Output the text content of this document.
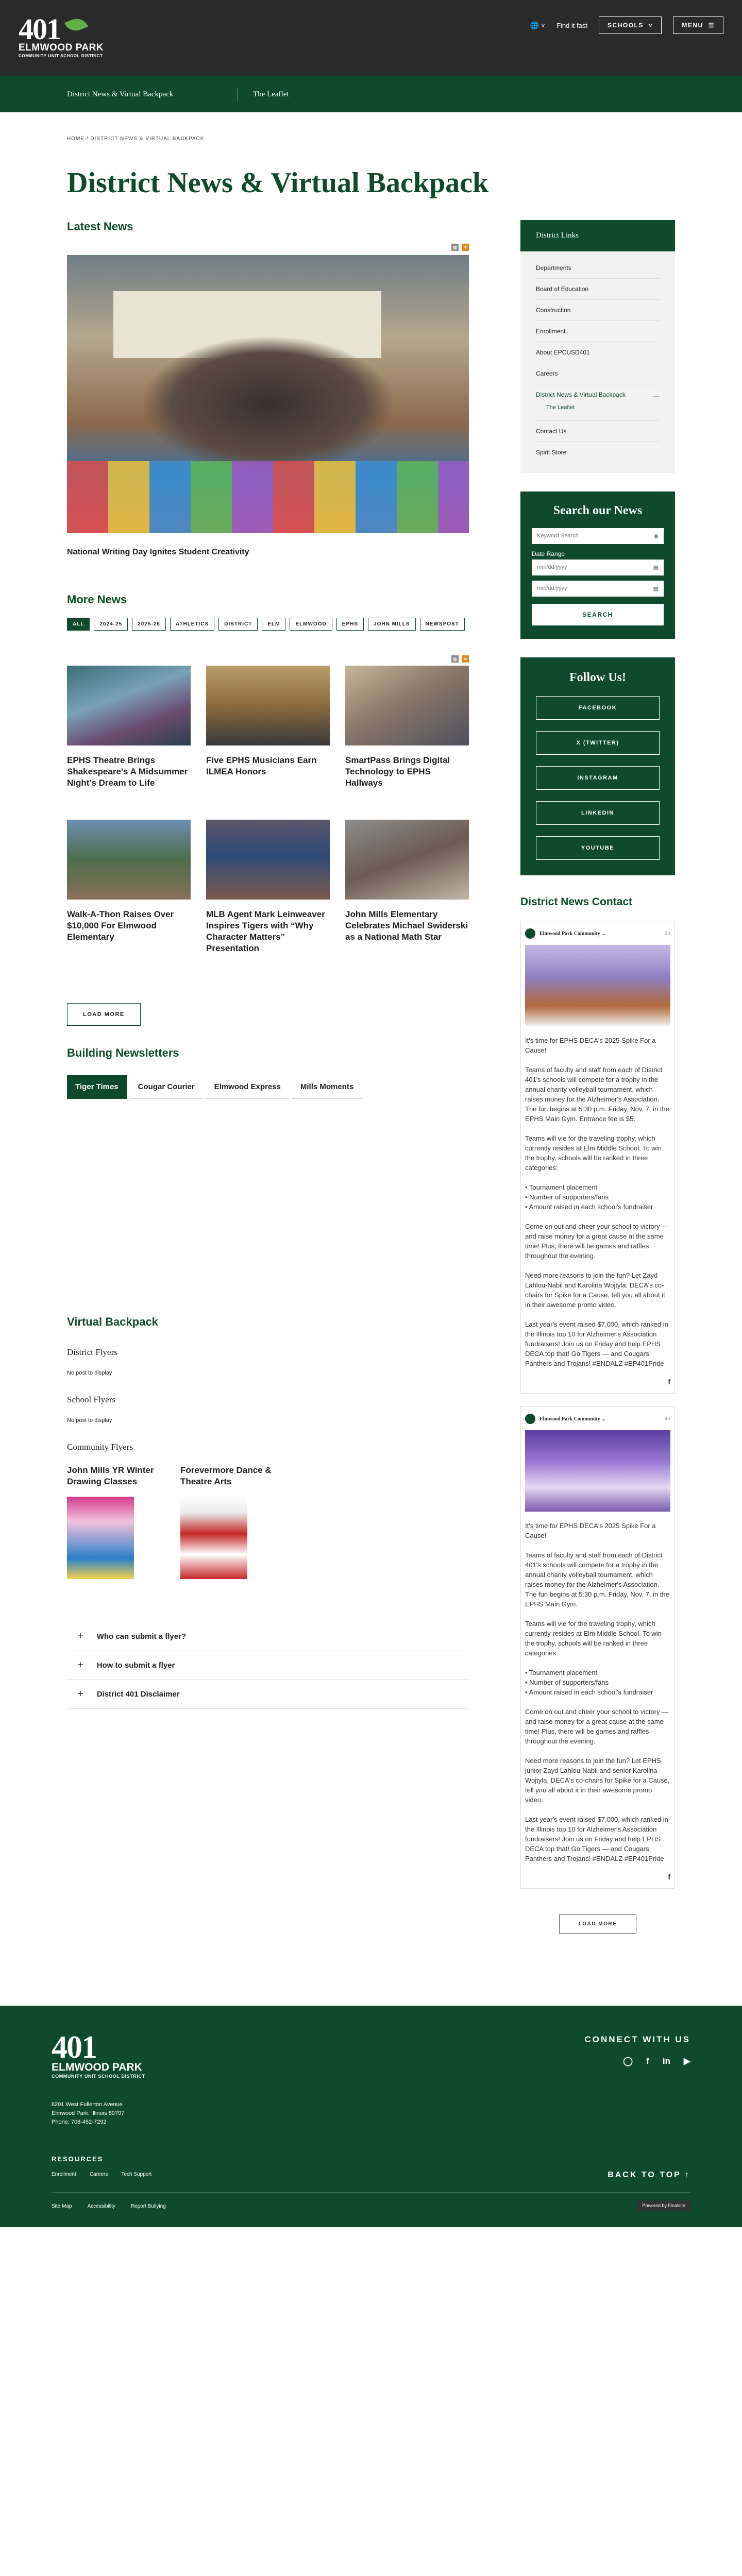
401
ELMWOOD PARK
COMMUNITY UNIT SCHOOL DISTRICT
🌐 ˅ Find it fast	SCHOOLS ˅	MENU ☰
District News & Virtual Backpack	The Leaflet
HOME / DISTRICT NEWS & VIRTUAL BACKPACK
District News & Virtual Backpack
Latest News
▦	≋
National Writing Day Ignites Student Creativity
More News
ALL	2024-25	2025-26	ATHLETICS	DISTRICT	ELM	ELMWOOD	EPHS	JOHN MILLS	NEWSPOST
▦	≋
EPHS Theatre Brings Shakespeare's A Midsummer Night's Dream to Life
Five EPHS Musicians Earn ILMEA Honors
SmartPass Brings Digital Technology to EPHS Hallways
Walk-A-Thon Raises Over $10,000 For Elmwood Elementary
MLB Agent Mark Leinweaver Inspires Tigers with “Why Character Matters” Presentation
John Mills Elementary Celebrates Michael Swiderski as a National Math Star
LOAD MORE
Building Newsletters
Tiger Times	Cougar Courier	Elmwood Express	Mills Moments
Virtual Backpack
District Flyers
No post to display
School Flyers
No post to display
Community Flyers
John Mills YR Winter Drawing Classes
Forevermore Dance & Theatre Arts
+ Who can submit a flyer?
+ How to submit a flyer
+ District 401 Disclaimer
District Links
Departments
Board of Education
Construction
Enrollment
About EPCUSD401
Careers
District News & Virtual Backpack	—
The Leaflet
Contact Us
Spirit Store
Search our News
Keyword Search	◉
Date Range
mm/dd/yyyy	▦
mm/dd/yyyy	▦
SEARCH
Follow Us!
FACEBOOK
X (TWITTER)
INSTAGRAM
LINKEDIN
YOUTUBE
District News Contact
Elmwood Park Community ...	3h

It's time for EPHS DECA's 2025 Spike For a Cause!

Teams of faculty and staff from each of District 401's schools will compete for a trophy in the annual charity volleyball tournament, which raises money for the Alzheimer's Association. The fun begins at 5:30 p.m. Friday, Nov. 7, in the EPHS Main Gym. Entrance fee is $5.

Teams will vie for the traveling trophy, which currently resides at Elm Middle School. To win the trophy, schools will be ranked in three categories:

• Tournament placement
• Number of supporters/fans
• Amount raised in each school's fundraiser

Come on out and cheer your school to victory — and raise money for a great cause at the same time! Plus, there will be games and raffles throughout the evening.

Need more reasons to join the fun? Let Zayd Lahlou-Nabil and Karolina Wojtyla, DECA's co-chairs for Spike for a Cause, tell you all about it in their awesome promo video.

Last year's event raised $7,000, which ranked in the Illinois top 10 for Alzheimer's Association fundraisers! Join us on Friday and help EPHS DECA top that! Go Tigers — and Cougars, Panthers and Trojans! #ENDALZ #EP401Pride

f
Elmwood Park Community ...	4h

It's time for EPHS DECA's 2025 Spike For a Cause!

Teams of faculty and staff from each of District 401's schools will compete for a trophy in the annual charity volleyball tournament, which raises money for the Alzheimer's Association. The fun begins at 5:30 p.m. Friday, Nov. 7, in the EPHS Main Gym.

Teams will vie for the traveling trophy, which currently resides at Elm Middle School. To win the trophy, schools will be ranked in three categories:

• Tournament placement
• Number of supporters/fans
• Amount raised in each school's fundraiser

Come on out and cheer your school to victory — and raise money for a great cause at the same time! Plus, there will be games and raffles throughout the evening.

Need more reasons to join the fun? Let EPHS junior Zayd Lahlou-Nabil and senior Karolina Wojtyla, DECA's co-chairs for Spike for a Cause, tell you all about it in their awesome promo video.

Last year's event raised $7,000, which ranked in the Illinois top 10 for Alzheimer's Association fundraisers! Join us on Friday and help EPHS DECA top that! Go Tigers — and Cougars, Panthers and Trojans! #ENDALZ #EP401Pride

f
LOAD MORE
401
ELMWOOD PARK
COMMUNITY UNIT SCHOOL DISTRICT
8201 West Fullerton Avenue
Elmwood Park, Illinois 60707
Phone: 708-452-7292
RESOURCES
Enrollment	Careers	Tech Support
CONNECT WITH US
◯ f in ▶
BACK TO TOP ↑
Site Map	Accessibility	Report Bullying	Powered by Finalsite
